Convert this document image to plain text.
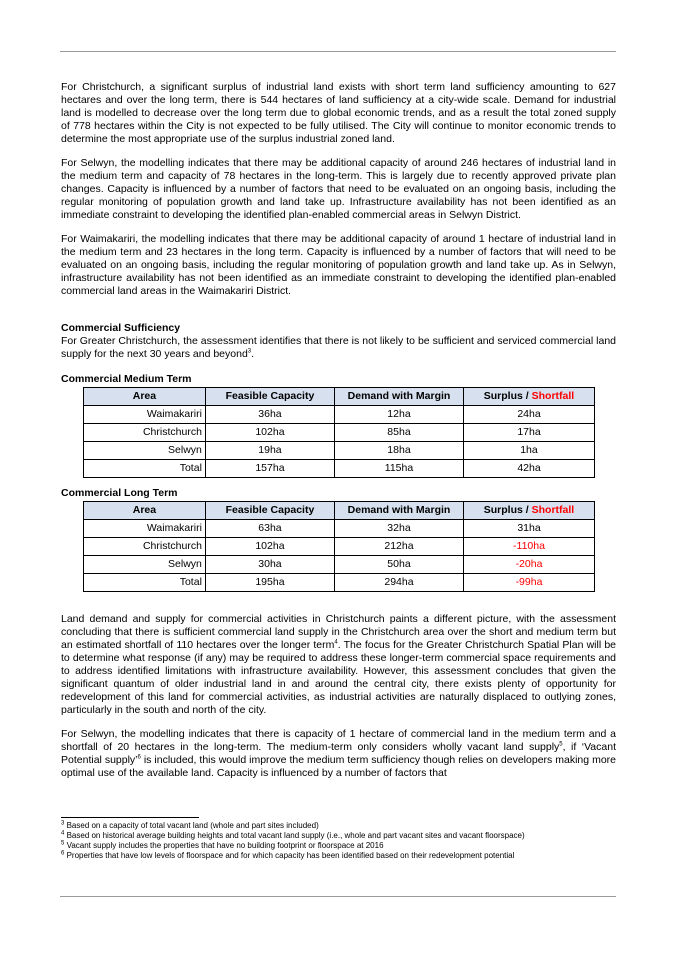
For Christchurch, a significant surplus of industrial land exists with short term land sufficiency amounting to 627 hectares and over the long term, there is 544 hectares of land sufficiency at a city-wide scale. Demand for industrial land is modelled to decrease over the long term due to global economic trends, and as a result the total zoned supply of 778 hectares within the City is not expected to be fully utilised. The City will continue to monitor economic trends to determine the most appropriate use of the surplus industrial zoned land.

For Selwyn, the modelling indicates that there may be additional capacity of around 246 hectares of industrial land in the medium term and capacity of 78 hectares in the long-term. This is largely due to recently approved private plan changes. Capacity is influenced by a number of factors that need to be evaluated on an ongoing basis, including the regular monitoring of population growth and land take up. Infrastructure availability has not been identified as an immediate constraint to developing the identified plan-enabled commercial areas in Selwyn District.

For Waimakariri, the modelling indicates that there may be additional capacity of around 1 hectare of industrial land in the medium term and 23 hectares in the long term. Capacity is influenced by a number of factors that will need to be evaluated on an ongoing basis, including the regular monitoring of population growth and land take up. As in Selwyn, infrastructure availability has not been identified as an immediate constraint to developing the identified plan-enabled commercial land areas in the Waimakariri District.

Commercial Sufficiency

For Greater Christchurch, the assessment identifies that there is not likely to be sufficient and serviced commercial land supply for the next 30 years and beyond$^3$.

Commercial Medium Term
Area	Feasible Capacity	Demand with Margin	Surplus / Shortfall
Waimakariri	36ha	12ha	24ha
Christchurch	102ha	85ha	17ha
Selwyn	19ha	18ha	1ha
Total	157ha	115ha	42ha
Commercial Long Term
Area	Feasible Capacity	Demand with Margin	Surplus / Shortfall
Waimakariri	63ha	32ha	31ha
Christchurch	102ha	212ha	-110ha
Selwyn	30ha	50ha	-20ha
Total	195ha	294ha	-99ha

Land demand and supply for commercial activities in Christchurch paints a different picture, with the assessment concluding that there is sufficient commercial land supply in the Christchurch area over the short and medium term but an estimated shortfall of 110 hectares over the longer term$^4$. The focus for the Greater Christchurch Spatial Plan will be to determine what response (if any) may be required to address these longer-term commercial space requirements and to address identified limitations with infrastructure availability. However, this assessment concludes that given the significant quantum of older industrial land in and around the central city, there exists plenty of opportunity for redevelopment of this land for commercial activities, as industrial activities are naturally displaced to outlying zones, particularly in the south and north of the city.

For Selwyn, the modelling indicates that there is capacity of 1 hectare of commercial land in the medium term and a shortfall of 20 hectares in the long-term. The medium-term only considers wholly vacant land supply$^5$, if ‘Vacant Potential supply’$^6$ is included, this would improve the medium term sufficiency though relies on developers making more optimal use of the available land. Capacity is influenced by a number of factors that

$^3$ Based on a capacity of total vacant land (whole and part sites included)
$^4$ Based on historical average building heights and total vacant land supply (i.e., whole and part vacant sites and vacant floorspace)
$^5$ Vacant supply includes the properties that have no building footprint or floorspace at 2016
$^6$ Properties that have low levels of floorspace and for which capacity has been identified based on their redevelopment potential
